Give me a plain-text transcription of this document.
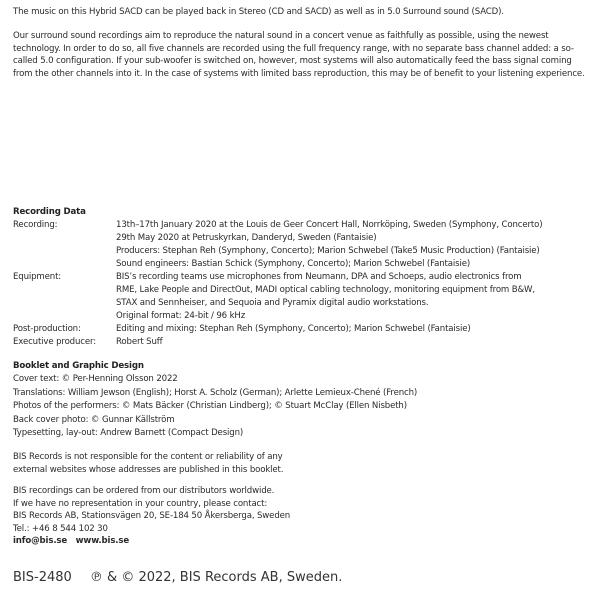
The music on this Hybrid SACD can be played back in Stereo (CD and SACD) as well as in 5.0 Surround sound (SACD).

Our surround sound recordings aim to reproduce the natural sound in a concert venue as faithfully as possible, using the newest technology. In order to do so, all five channels are recorded using the full frequency range, with no separate bass channel added: a so-called 5.0 configuration. If your sub-woofer is switched on, however, most systems will also automatically feed the bass signal coming from the other channels into it. In the case of systems with limited bass reproduction, this may be of benefit to your listening experience.

Recording Data
Recording:	13th–17th January 2020 at the Louis de Geer Concert Hall, Norrköping, Sweden (Symphony, Concerto)
29th May 2020 at Petruskyrkan, Danderyd, Sweden (Fantaisie)
Producers: Stephan Reh (Symphony, Concerto); Marion Schwebel (Take5 Music Production) (Fantaisie)
Sound engineers: Bastian Schick (Symphony, Concerto); Marion Schwebel (Fantaisie)
Equipment:	BIS’s recording teams use microphones from Neumann, DPA and Schoeps, audio electronics from
RME, Lake People and DirectOut, MADI optical cabling technology, monitoring equipment from B&W,
STAX and Sennheiser, and Sequoia and Pyramix digital audio workstations.
Original format: 24-bit / 96 kHz
Post-production:	Editing and mixing: Stephan Reh (Symphony, Concerto); Marion Schwebel (Fantaisie)
Executive producer:	Robert Suff
Booklet and Graphic Design
Cover text: © Per-Henning Olsson 2022
Translations: William Jewson (English); Horst A. Scholz (German); Arlette Lemieux-Chené (French)
Photos of the performers: © Mats Bäcker (Christian Lindberg); © Stuart McClay (Ellen Nisbeth)
Back cover photo: © Gunnar Källström
Typesetting, lay-out: Andrew Barnett (Compact Design)
BIS Records is not responsible for the content or reliability of any
external websites whose addresses are published in this booklet.
BIS recordings can be ordered from our distributors worldwide.
If we have no representation in your country, please contact:
BIS Records AB, Stationsvägen 20, SE-184 50 Åkersberga, Sweden
Tel.: +46 8 544 102 30
info@bis.se www.bis.se
BIS-2480 ℗ & © 2022, BIS Records AB, Sweden.
